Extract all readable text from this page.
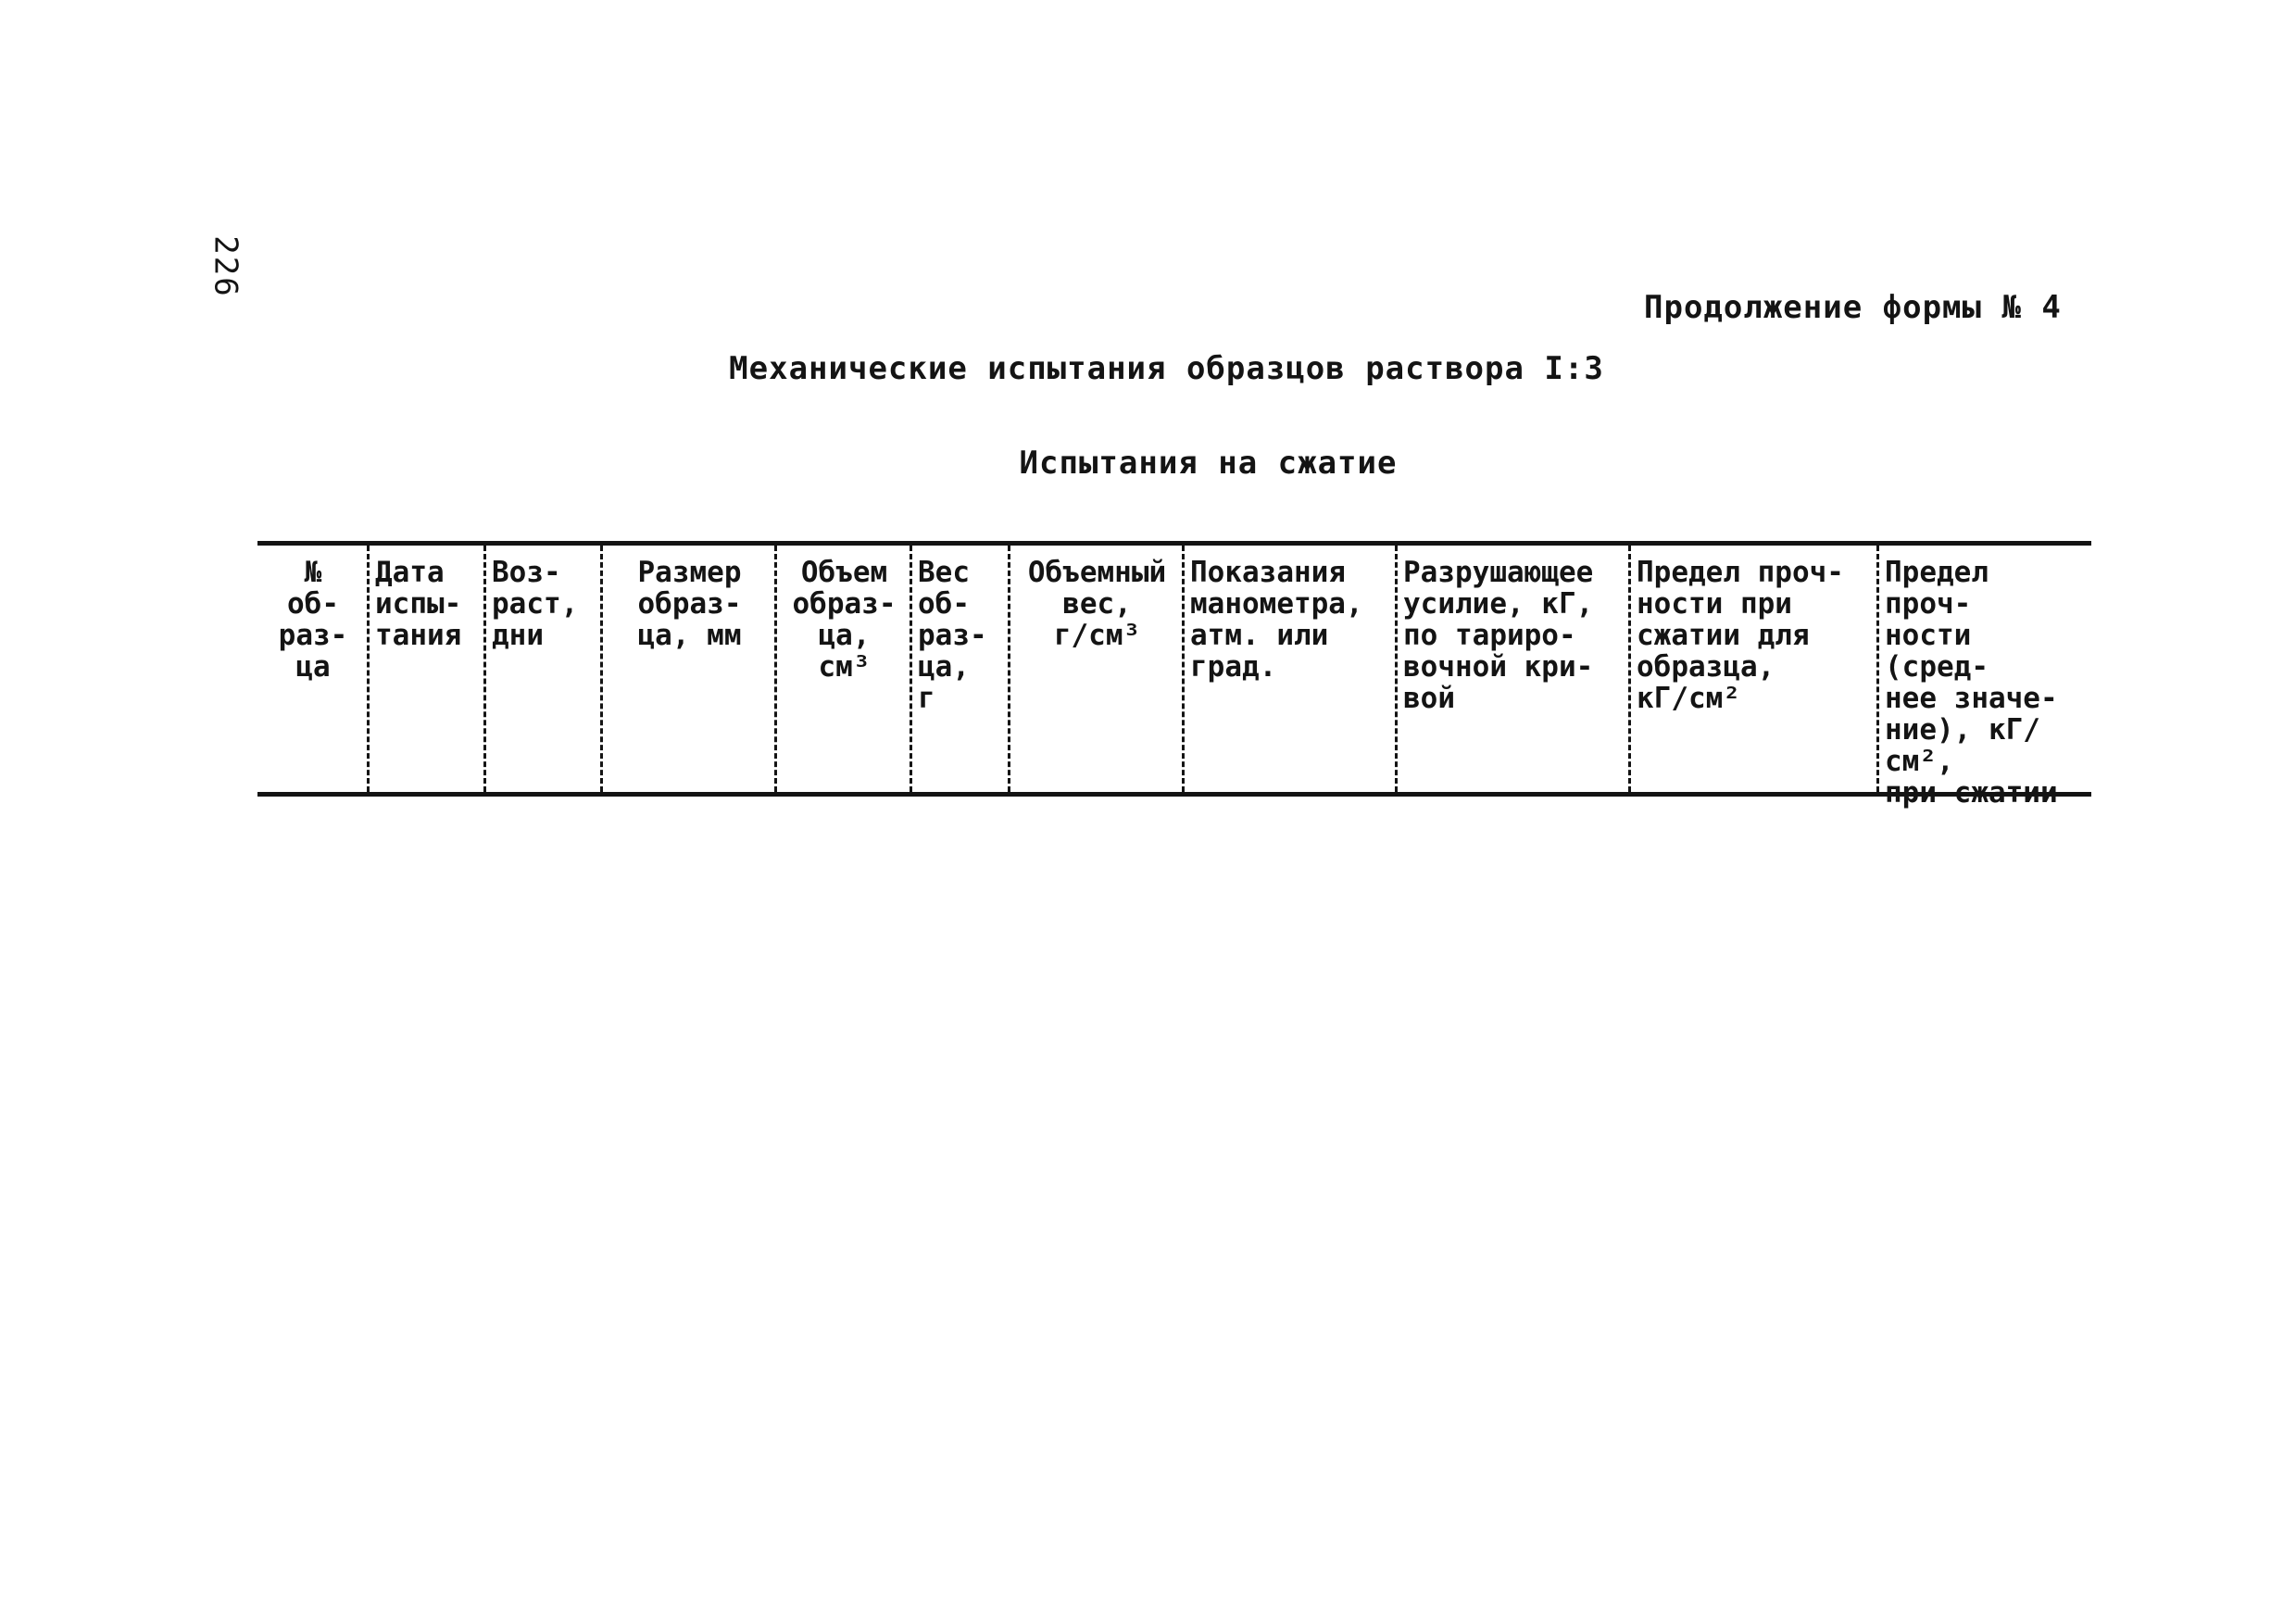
226
Продолжение формы № 4
Механические испытания образцов раствора I:3
Испытания на сжатие
№
об-
раз-
ца
Дата
испы-
тания
Воз-
раст,
дни
Размер
образ-
ца, мм
Объем
образ-
ца,
см³
Вес
об-
раз-
ца, г
Объемный
вес,
г/см³
Показания
манометра,
атм. или
град.
Разрушающее
усилие, кГ,
по тариро-
вочной кри-
вой
Предел проч-
ности при
сжатии для
образца,
кГ/см²
Предел проч-
ности (сред-
нее значе-
ние), кГ/см²,
при сжатии
